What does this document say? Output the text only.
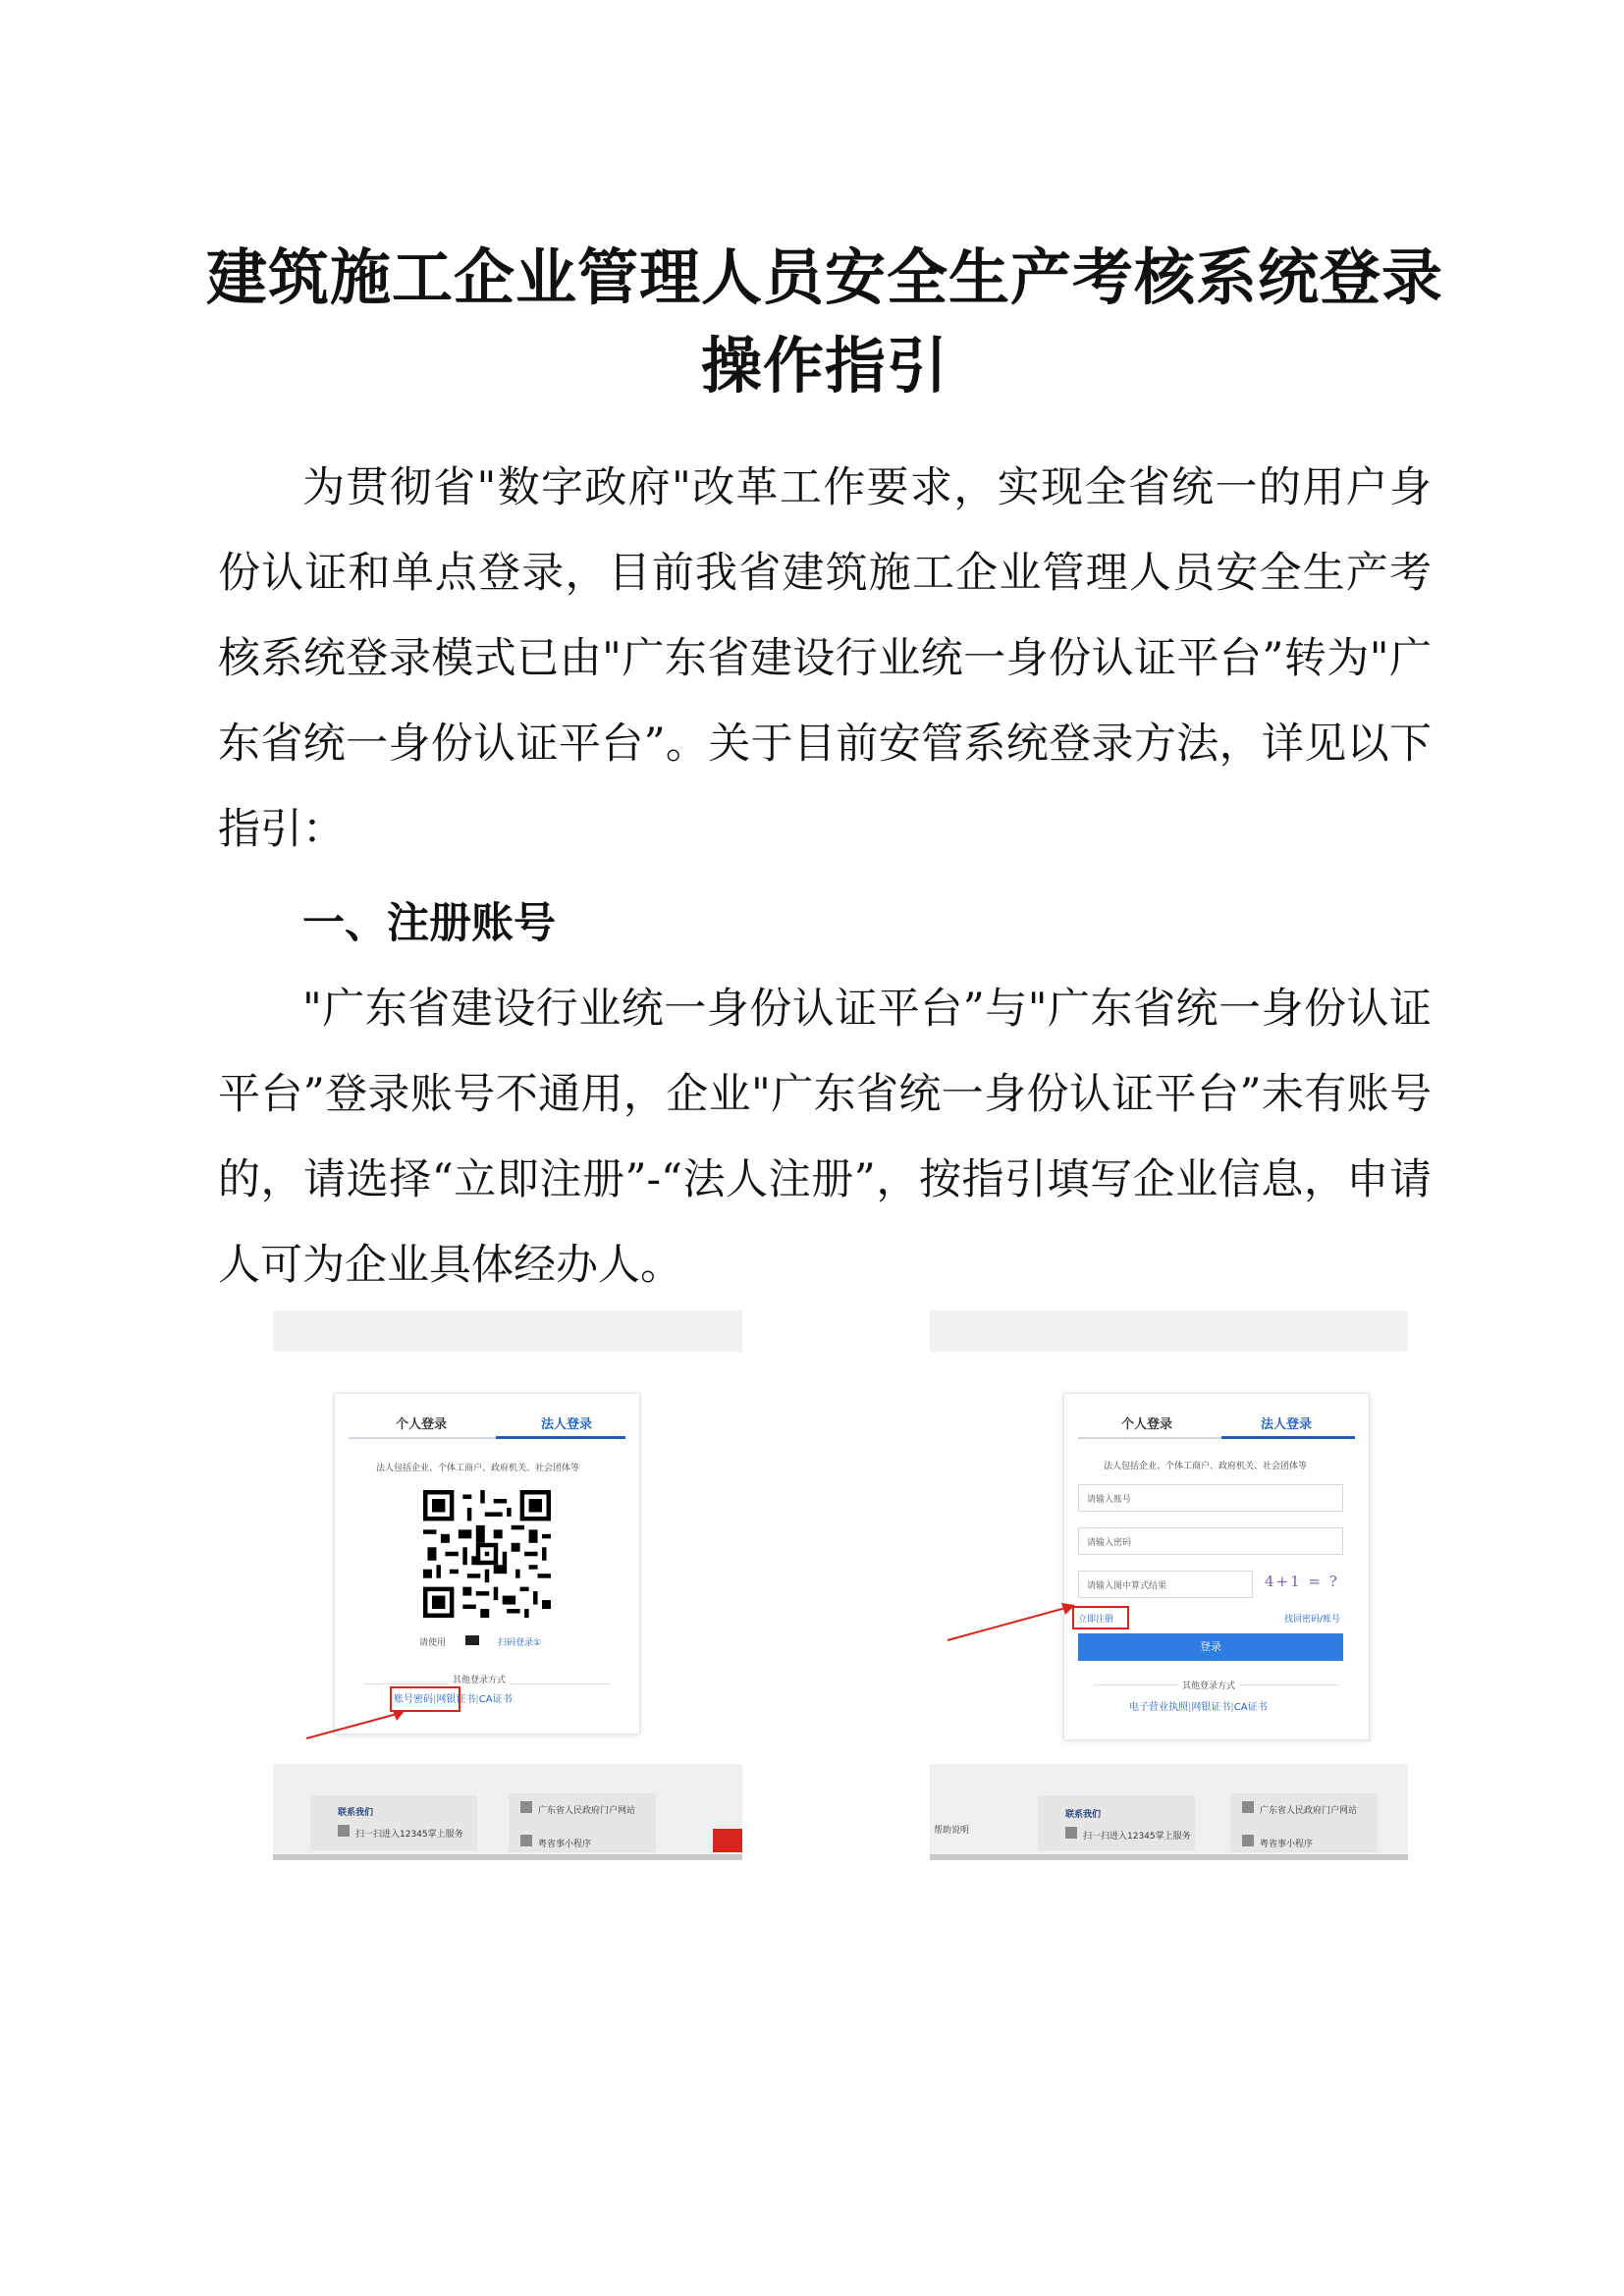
建筑施工企业管理人员安全生产考核系统登录
操作指引

为贯彻省"数字政府"改革工作要求，实现全省统一的用户身份认证和单点登录，目前我省建筑施工企业管理人员安全生产考核系统登录模式已由"广东省建设行业统一身份认证平台”转为"广东省统一身份认证平台”。关于目前安管系统登录方法，详见以下指引：

一、注册账号

"广东省建设行业统一身份认证平台”与"广东省统一身份认证平台”登录账号不通用，企业"广东省统一身份认证平台”未有账号的，请选择“立即注册”-“法人注册”，按指引填写企业信息，申请人可为企业具体经办人。

个人登录	法人登录
法人包括企业、个体工商户、政府机关、社会团体等
请使用	扫码登录①
其他登录方式
账号密码|网银证书|CA证书
联系我们
扫一扫进入12345掌上服务
广东省人民政府门户网站
粤省事小程序
个人登录	法人登录
法人包括企业、个体工商户、政府机关、社会团体等
请输入账号
请输入密码
请输入图中算式结果	4+1 = ?
立即注册	找回密码/账号
登录
其他登录方式
电子营业执照|网银证书|CA证书
帮助说明
联系我们
扫一扫进入12345掌上服务
广东省人民政府门户网站
粤省事小程序
